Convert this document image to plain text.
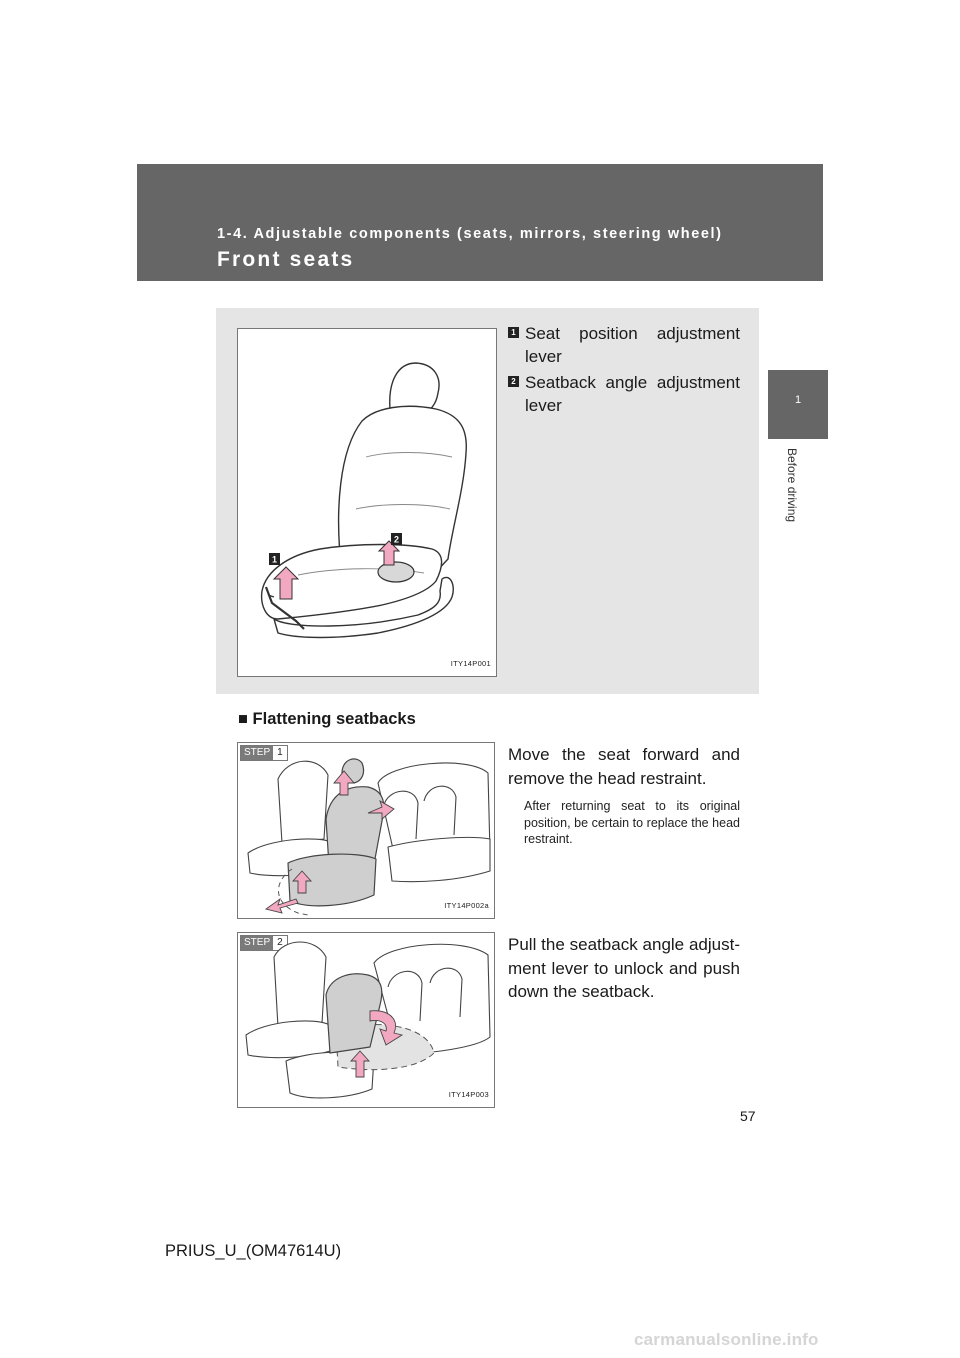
1-4. Adjustable components (seats, mirrors, steering wheel)
Front seats
1
Before driving
1
2
ITY14P001
1 Seat position adjustment lever
2 Seatback angle adjustment lever
■ Flattening seatbacks
STEP 1
ITY14P002a
Move the seat forward and remove the head restraint.
After returning seat to its original position, be certain to replace the head restraint.
STEP 2
ITY14P003
Pull the seatback angle adjust-ment lever to unlock and push down the seatback.
57
PRIUS_U_(OM47614U)
carmanualsonline.info
